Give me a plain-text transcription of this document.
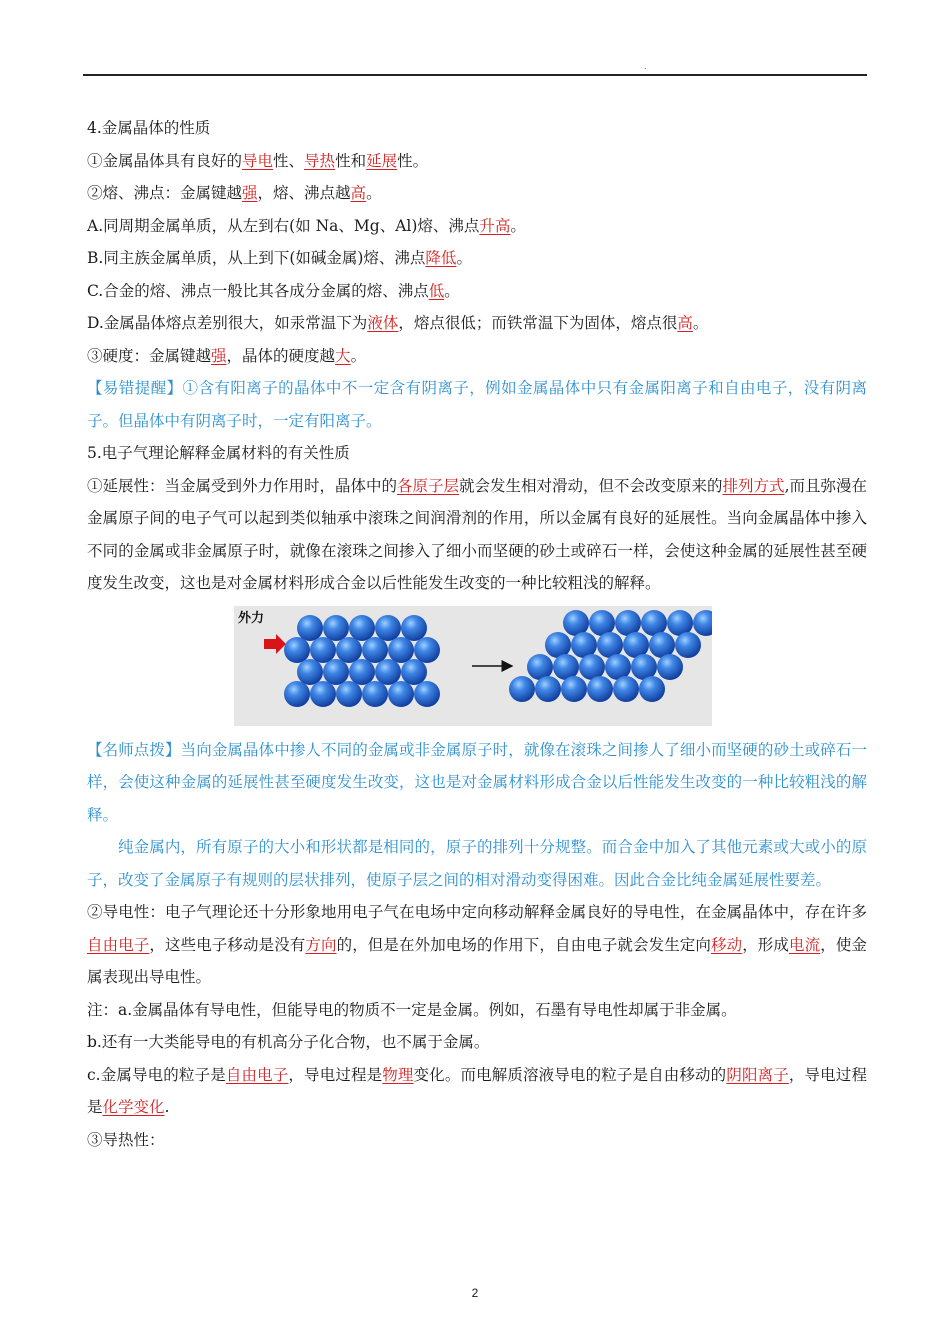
.

4.金属晶体的性质

①金属晶体具有良好的导电性、导热性和延展性。

②熔、沸点：金属键越强，熔、沸点越高。

A.同周期金属单质，从左到右(如 Na、Mg、Al)熔、沸点升高。

B.同主族金属单质，从上到下(如碱金属)熔、沸点降低。

C.合金的熔、沸点一般比其各成分金属的熔、沸点低。

D.金属晶体熔点差别很大，如汞常温下为液体，熔点很低；而铁常温下为固体，熔点很高。

③硬度：金属键越强，晶体的硬度越大。

【易错提醒】①含有阳离子的晶体中不一定含有阴离子，例如金属晶体中只有金属阳离子和自由电子，没有阴离子。但晶体中有阴离子时，一定有阳离子。

5.电子气理论解释金属材料的有关性质

①延展性：当金属受到外力作用时，晶体中的各原子层就会发生相对滑动，但不会改变原来的排列方式,而且弥漫在金属原子间的电子气可以起到类似轴承中滚珠之间润滑剂的作用，所以金属有良好的延展性。当向金属晶体中掺入不同的金属或非金属原子时，就像在滚珠之间掺入了细小而坚硬的砂土或碎石一样，会使这种金属的延展性甚至硬度发生改变，这也是对金属材料形成合金以后性能发生改变的一种比较粗浅的解释。

外力

【名师点拨】当向金属晶体中掺人不同的金属或非金属原子时，就像在滚珠之间掺人了细小而坚硬的砂土或碎石一样，会使这种金属的延展性甚至硬度发生改变，这也是对金属材料形成合金以后性能发生改变的一种比较粗浅的解释。

纯金属内，所有原子的大小和形状都是相同的，原子的排列十分规整。而合金中加入了其他元素或大或小的原子，改变了金属原子有规则的层状排列，使原子层之间的相对滑动变得困难。因此合金比纯金属延展性要差。

②导电性：电子气理论还十分形象地用电子气在电场中定向移动解释金属良好的导电性，在金属晶体中，存在许多自由电子，这些电子移动是没有方向的，但是在外加电场的作用下，自由电子就会发生定向移动，形成电流，使金属表现出导电性。

注：a.金属晶体有导电性，但能导电的物质不一定是金属。例如，石墨有导电性却属于非金属。

b.还有一大类能导电的有机高分子化合物，也不属于金属。

c.金属导电的粒子是自由电子，导电过程是物理变化。而电解质溶液导电的粒子是自由移动的阴阳离子，导电过程是化学变化.

③导热性：

2
